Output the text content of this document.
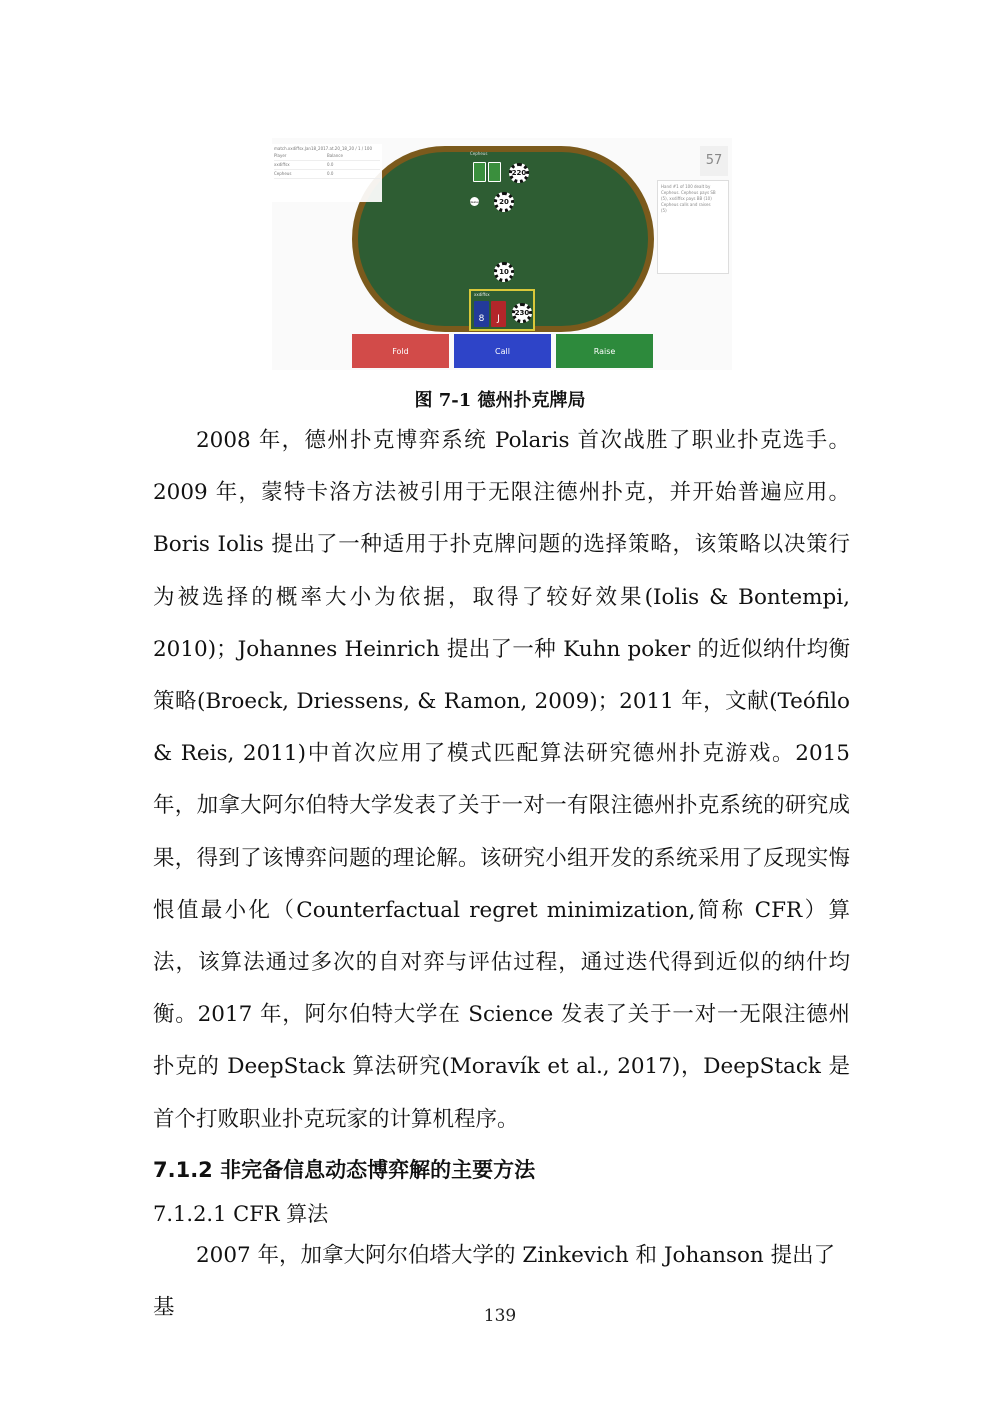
match.xxdiffsx.Jan18_2017.at.20_18_20 / 1 / 100
Player	Balance
xxdiffsx	0.0
Cepheus	0.0
57
Hand #1 of 100 dealt by
Cepheus. Cepheus pays SB
(5), xxdiffsx pays BB (10)
Cepheus calls and raises
(5)
Cepheus
220
dealer	20
10
xxdiffsx
8	J
230
Fold	Call	Raise
图 7-1 德州扑克牌局

2008 年，德州扑克博弈系统 Polaris 首次战胜了职业扑克选手。2009 年，蒙特卡洛方法被引用于无限注德州扑克，并开始普遍应用。Boris Iolis 提出了一种适用于扑克牌问题的选择策略，该策略以决策行为被选择的概率大小为依据，取得了较好效果(Iolis & Bontempi, 2010)；Johannes Heinrich 提出了一种 Kuhn poker 的近似纳什均衡策略(Broeck, Driessens, & Ramon, 2009)；2011 年，文献(Teófilo & Reis, 2011)中首次应用了模式匹配算法研究德州扑克游戏。2015 年，加拿大阿尔伯特大学发表了关于一对一有限注德州扑克系统的研究成果，得到了该博弈问题的理论解。该研究小组开发的系统采用了反现实悔恨值最小化（Counterfactual regret minimization,简称 CFR）算法，该算法通过多次的自对弈与评估过程，通过迭代得到近似的纳什均衡。2017 年，阿尔伯特大学在 Science 发表了关于一对一无限注德州扑克的 DeepStack 算法研究(Moravík et al., 2017)，DeepStack 是首个打败职业扑克玩家的计算机程序。

7.1.2 非完备信息动态博弈解的主要方法
7.1.2.1 CFR 算法

2007 年，加拿大阿尔伯塔大学的 Zinkevich 和 Johanson 提出了基	139
